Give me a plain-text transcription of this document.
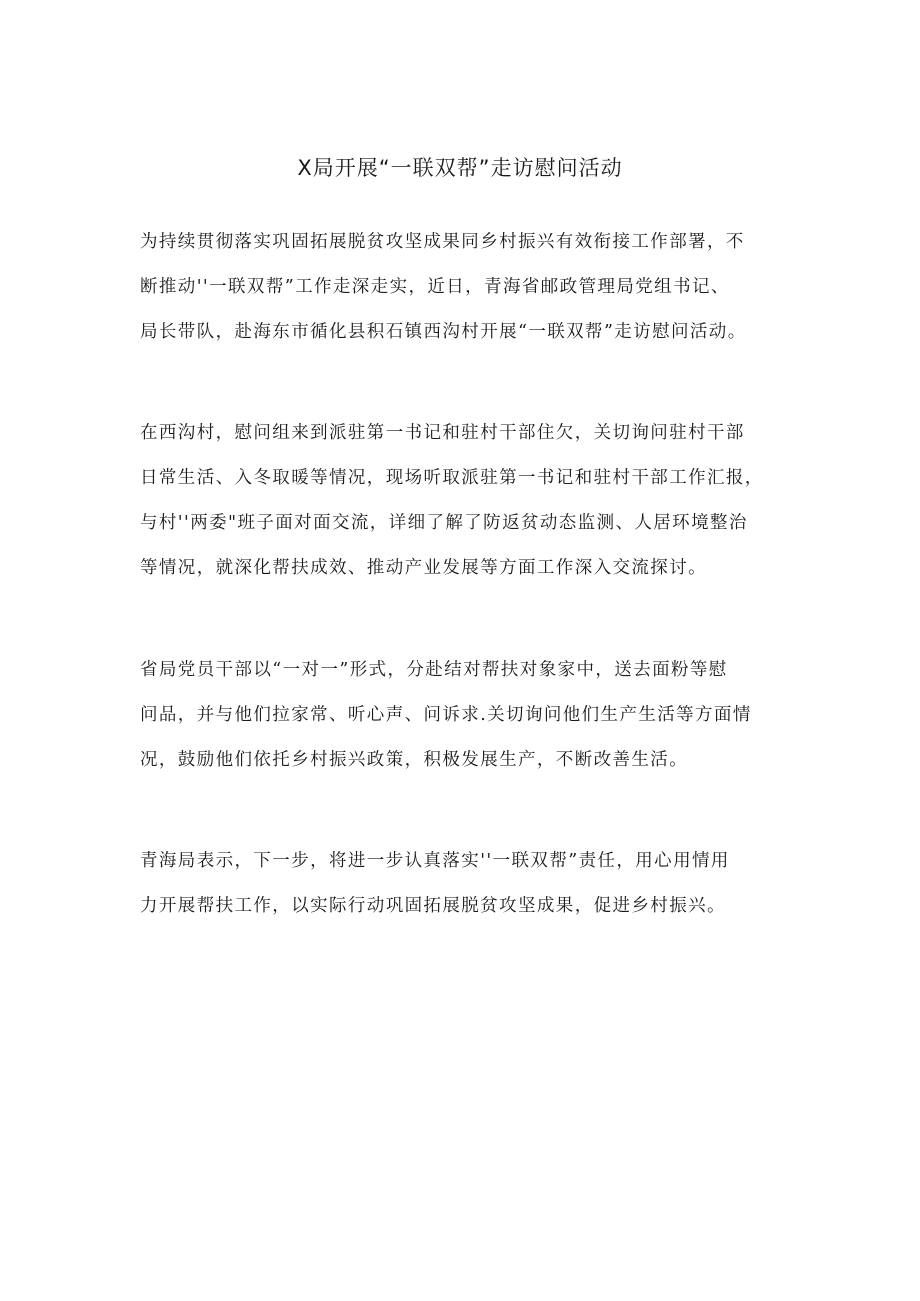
X局开展“一联双帮”走访慰问活动

为持续贯彻落实巩固拓展脱贫攻坚成果同乡村振兴有效衔接工作部署，不
断推动''一联双帮”工作走深走实，近日，青海省邮政管理局党组书记、
局长带队，赴海东市循化县积石镇西沟村开展“一联双帮”走访慰问活动。

在西沟村，慰问组来到派驻第一书记和驻村干部住欠，关切询问驻村干部
日常生活、入冬取暖等情况，现场听取派驻第一书记和驻村干部工作汇报，
与村''两委"班子面对面交流，详细了解了防返贫动态监测、人居环境整治
等情况，就深化帮扶成效、推动产业发展等方面工作深入交流探讨。

省局党员干部以“一对一”形式，分赴结对帮扶对象家中，送去面粉等慰
问品，并与他们拉家常、听心声、问诉求.关切询问他们生产生活等方面情
况，鼓励他们依托乡村振兴政策，积极发展生产，不断改善生活。

青海局表示，下一步，将进一步认真落实''一联双帮”责任，用心用情用
力开展帮扶工作，以实际行动巩固拓展脱贫攻坚成果，促进乡村振兴。
